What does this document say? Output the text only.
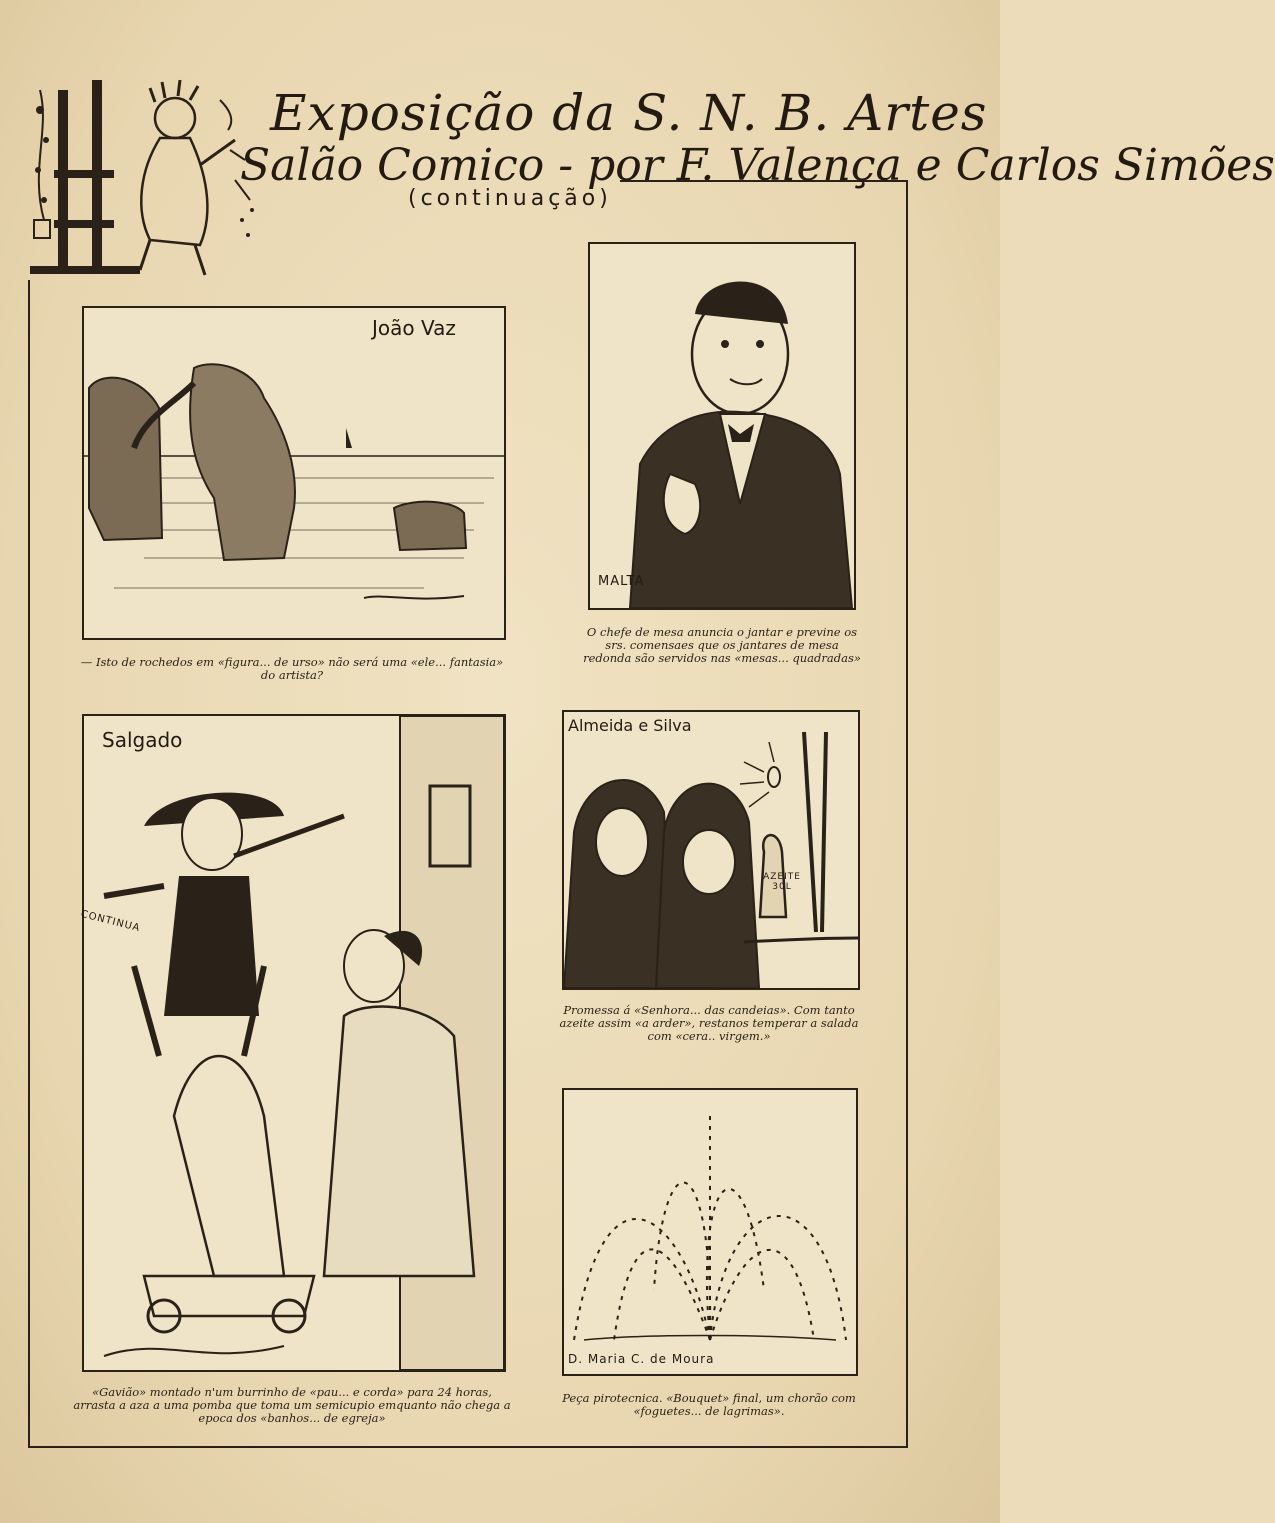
Exposição da S. N. B. Artes
Salão Comico - por F. Valença e Carlos Simões
(continuação)
João Vaz
— Isto de rochedos em «figura... de urso» não será uma «ele... fantasia» do artista?
MALTA
O chefe de mesa anuncia o jantar e previne os srs. comensaes que os jantares de mesa redonda são servidos nas «mesas... quadradas»
Salgado
CONTINUA
«Gavião» montado n'um burrinho de «pau... e corda» para 24 horas, arrasta a aza a uma pomba que toma um semicupio emquanto não chega a epoca dos «banhos... de egreja»
Almeida e Silva
AZEITE 30L
Promessa á «Senhora... das candeias». Com tanto azeite assim «a arder», restanos temperar a salada com «cera.. virgem.»
D. Maria C. de Moura
Peça pirotecnica. «Bouquet» final, um chorão com «foguetes... de lagrimas».
